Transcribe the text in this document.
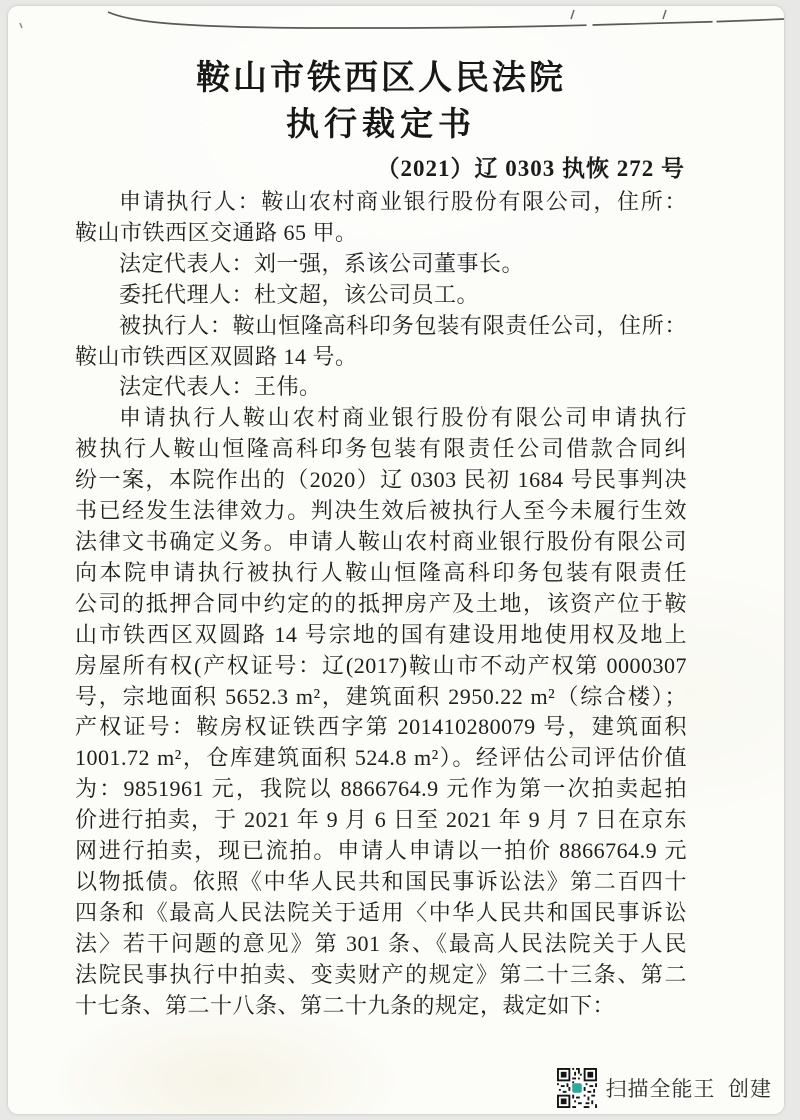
鞍山市铁西区人民法院
执行裁定书
（2021）辽 0303 执恢 272 号
申请执行人：鞍山农村商业银行股份有限公司，住所：
鞍山市铁西区交通路 65 甲。
法定代表人：刘一强，系该公司董事长。
委托代理人：杜文超，该公司员工。
被执行人：鞍山恒隆高科印务包装有限责任公司，住所：
鞍山市铁西区双圆路 14 号。
法定代表人：王伟。
申请执行人鞍山农村商业银行股份有限公司申请执行
被执行人鞍山恒隆高科印务包装有限责任公司借款合同纠
纷一案，本院作出的（2020）辽 0303 民初 1684 号民事判决
书已经发生法律效力。判决生效后被执行人至今未履行生效
法律文书确定义务。申请人鞍山农村商业银行股份有限公司
向本院申请执行被执行人鞍山恒隆高科印务包装有限责任
公司的抵押合同中约定的的抵押房产及土地，该资产位于鞍
山市铁西区双圆路 14 号宗地的国有建设用地使用权及地上
房屋所有权(产权证号：辽(2017)鞍山市不动产权第 0000307
号，宗地面积 5652.3 m²，建筑面积 2950.22 m²（综合楼）；
产权证号：鞍房权证铁西字第 201410280079 号，建筑面积
1001.72 m²，仓库建筑面积 524.8 m²）。经评估公司评估价值
为：9851961 元，我院以 8866764.9 元作为第一次拍卖起拍
价进行拍卖，于 2021 年 9 月 6 日至 2021 年 9 月 7 日在京东
网进行拍卖，现已流拍。申请人申请以一拍价 8866764.9 元
以物抵债。依照《中华人民共和国民事诉讼法》第二百四十
四条和《最高人民法院关于适用〈中华人民共和国民事诉讼
法〉若干问题的意见》第 301 条、《最高人民法院关于人民
法院民事执行中拍卖、变卖财产的规定》第二十三条、第二
十七条、第二十八条、第二十九条的规定，裁定如下：
扫描全能王  创建
